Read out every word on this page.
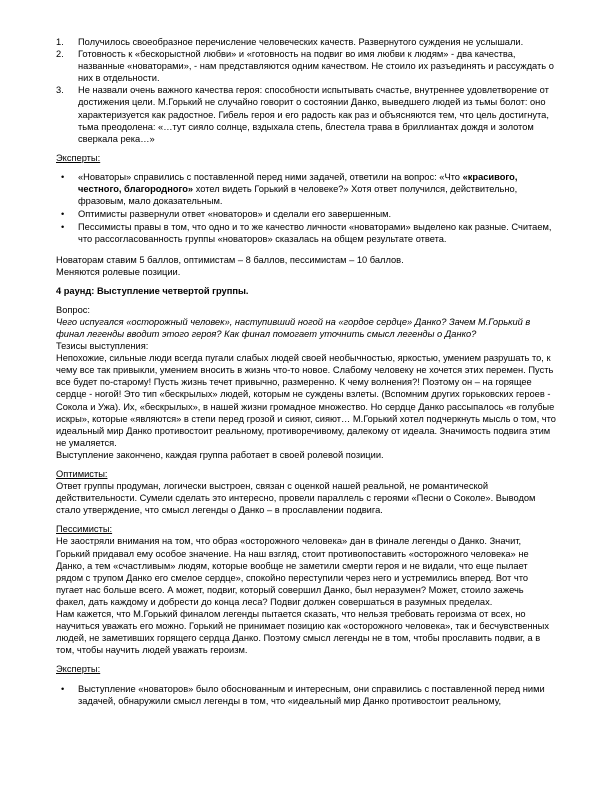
1. Получилось своеобразное перечисление человеческих качеств. Развернутого суждения не услышали.
2. Готовность к «бескорыстной любви» и «готовность на подвиг во имя любви к людям» - два качества, названные «новаторами», - нам представляются одним качеством. Не стоило их разъединять и рассуждать о них в отдельности.
3. Не назвали очень важного качества героя: способности испытывать счастье, внутреннее удовлетворение от достижения цели. М.Горький не случайно говорит о состоянии Данко, выведшего людей из тьмы болот: оно характеризуется как радостное. Гибель героя и его радость как раз и объясняются тем, что цель достигнута, тьма преодолена: «…тут сияло солнце, вздыхала степь, блестела трава в бриллиантах дождя и золотом сверкала река…»

Эксперты:

• «Новаторы» справились с поставленной перед ними задачей, ответили на вопрос: «Что «красивого, честного, благородного» хотел видеть Горький в человеке?» Хотя ответ получился, действительно, фразовым, мало доказательным.
• Оптимисты развернули ответ «новаторов» и сделали его завершенным.
• Пессимисты правы в том, что одно и то же качество личности «новаторами» выделено как разные. Считаем, что рассогласованность группы «новаторов» сказалась на общем результате ответа.

Новаторам ставим 5 баллов, оптимистам – 8 баллов, пессимистам – 10 баллов.

Меняются ролевые позиции.

4 раунд: Выступление четвертой группы.

Вопрос:

Чего испугался «осторожный человек», наступивший ногой на «гордое сердце» Данко? Зачем М.Горький в финал легенды вводит этого героя? Как финал помогает уточнить смысл легенды о Данко?

Тезисы выступления:

Непохожие, сильные люди всегда пугали слабых людей своей необычностью, яркостью, умением разрушать то, к чему все так привыкли, умением вносить в жизнь что-то новое. Слабому человеку не хочется этих перемен. Пусть все будет по-старому! Пусть жизнь течет привычно, размеренно. К чему волнения?! Поэтому он – на горящее сердце - ногой! Это тип «бескрылых» людей, которым не суждены взлеты. (Вспомним других горьковских героев - Сокола и Ужа). Их, «бескрылых», в нашей жизни громадное множество. Но сердце Данко рассыпалось «в голубые искры», которые «являются» в степи перед грозой и сияют, сияют… М.Горький хотел подчеркнуть мысль о том, что идеальный мир Данко противостоит реальному, противоречивому, далекому от идеала. Значимость подвига этим не умаляется.

Выступление закончено, каждая группа работает в своей ролевой позиции.

Оптимисты:

Ответ группы продуман, логически выстроен, связан с оценкой нашей реальной, не романтической действительности. Сумели сделать это интересно, провели параллель с героями «Песни о Соколе». Выводом стало утверждение, что смысл легенды о Данко – в прославлении подвига.

Пессимисты:

Не заостряли внимания на том, что образ «осторожного человека» дан в финале легенды о Данко. Значит, Горький придавал ему особое значение. На наш взгляд, стоит противопоставить «осторожного человека» не Данко, а тем «счастливым» людям, которые вообще не заметили смерти героя и не видали, что еще пылает рядом с трупом Данко его смелое сердце», спокойно переступили через него и устремились вперед. Вот что пугает нас больше всего. А может, подвиг, который совершил Данко, был неразумен? Может, стоило зажечь факел, дать каждому и добрести до конца леса? Подвиг должен совершаться в разумных пределах.

Нам кажется, что М.Горький финалом легенды пытается сказать, что нельзя требовать героизма от всех, но научиться уважать его можно. Горький не принимает позицию как «осторожного человека», так и бесчувственных людей, не заметивших горящего сердца Данко. Поэтому смысл легенды не в том, чтобы прославить подвиг, а в том, чтобы научить людей уважать героизм.

Эксперты:

• Выступление «новаторов» было обоснованным и интересным, они справились с поставленной перед ними задачей, обнаружили смысл легенды в том, что «идеальный мир Данко противостоит реальному,
